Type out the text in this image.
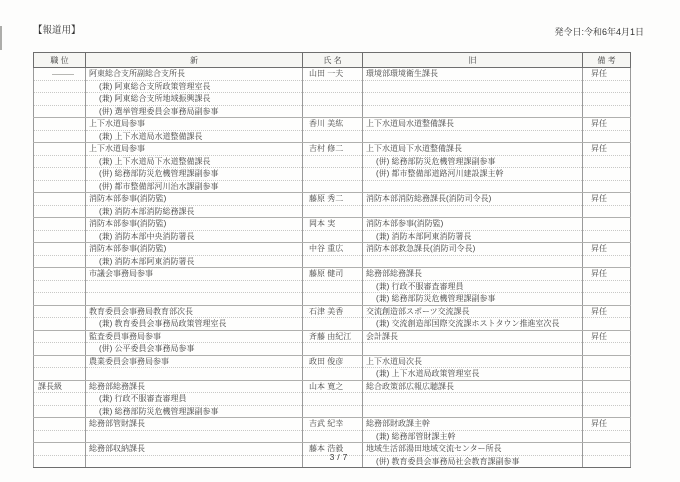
【報道用】	発令日:令和6年4月1日
職 位	新	氏 名	旧	備 考
	阿東総合支所副総合支所長	山田 一夫	環境部環境衛生課長	昇任
	(兼) 阿東総合支所政策管理室長			
	(兼) 阿東総合支所地域振興課長			
	(併) 選挙管理委員会事務局副参事			
	上下水道局参事	香川 美紘	上下水道局水道整備課長	昇任
	(兼) 上下水道局水道整備課長			
	上下水道局参事	吉村 修二	上下水道局下水道整備課長	昇任
	(兼) 上下水道局下水道整備課長		(併) 総務部防災危機管理課副参事	
	(併) 総務部防災危機管理課副参事		(併) 都市整備部道路河川建設課主幹	
	(併) 都市整備部河川治水課副参事			
	消防本部参事(消防監)	藤原 秀二	消防本部消防総務課長(消防司令長)	昇任
	(兼) 消防本部消防総務課長			
	消防本部参事(消防監)	岡本 実	消防本部参事(消防監)	
	(兼) 消防本部中央消防署長		(兼) 消防本部阿東消防署長	
	消防本部参事(消防監)	中谷 重広	消防本部救急課長(消防司令長)	昇任
	(兼) 消防本部阿東消防署長			
	市議会事務局参事	藤原 健司	総務部総務課長	昇任
			(兼) 行政不服審査審理員	
			(兼) 総務部防災危機管理課副参事	
	教育委員会事務局教育部次長	石津 美香	交流創造部スポーツ交流課長	昇任
	(兼) 教育委員会事務局政策管理室長		(兼) 交流創造部国際交流課ホストタウン推進室次長	
	監査委員事務局参事	斉藤 由紀江	会計課長	昇任
	(併) 公平委員会事務局参事			
	農業委員会事務局参事	政田 俊彦	上下水道局次長	
			(兼) 上下水道局政策管理室長	
課長級	総務部総務課長	山本 寛之	総合政策部広報広聴課長	
	(兼) 行政不服審査審理員			
	(兼) 総務部防災危機管理課副参事			
	総務部管財課長	吉武 紀幸	総務部財政課主幹	昇任
			(兼) 総務部管財課主幹	
	総務部収納課長	藤本 浩毅	地域生活部湯田地域交流センター所長	
			(併) 教育委員会事務局社会教育課副参事	
3/7
